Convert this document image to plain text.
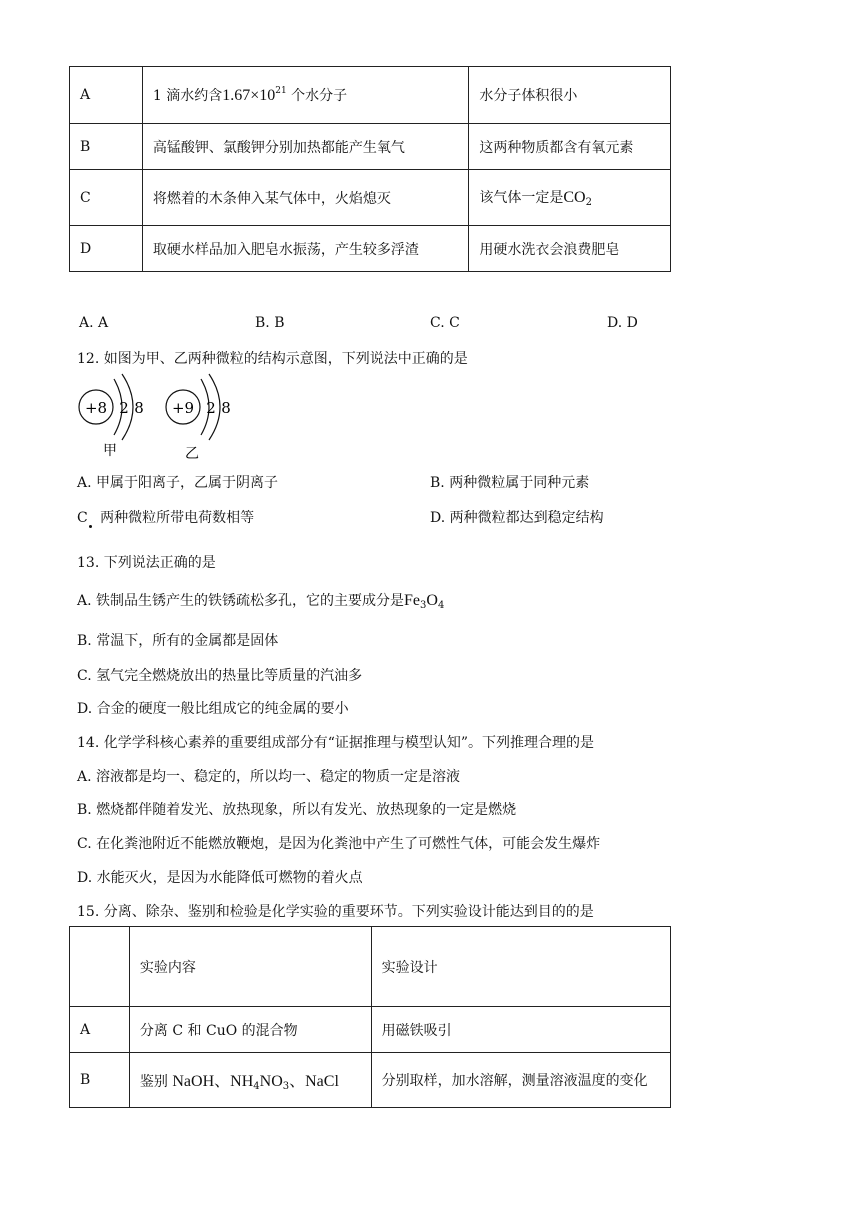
A	1 滴水约含$1.67\times 10^{21}$ 个水分子	水分子体积很小
B	高锰酸钾、氯酸钾分别加热都能产生氧气	这两种物质都含有氧元素
C	将燃着的木条伸入某气体中，火焰熄灭	该气体一定是$CO_2$
D	取硬水样品加入肥皂水振荡，产生较多浮渣	用硬水洗衣会浪费肥皂
A. A	B. B	C. C	D. D
12. 如图为甲、乙两种微粒的结构示意图，下列说法中正确的是
+8 2 8
甲
+9 2 8
乙
A. 甲属于阳离子，乙属于阴离子	B. 两种微粒属于同种元素
C 两种微粒所带电荷数相等	D. 两种微粒都达到稳定结构
13. 下列说法正确的是
A. 铁制品生锈产生的铁锈疏松多孔，它的主要成分是$Fe_3O_4$
B. 常温下，所有的金属都是固体
C. 氢气完全燃烧放出的热量比等质量的汽油多
D. 合金的硬度一般比组成它的纯金属的要小
14. 化学学科核心素养的重要组成部分有“证据推理与模型认知”。下列推理合理的是
A. 溶液都是均一、稳定的，所以均一、稳定的物质一定是溶液
B. 燃烧都伴随着发光、放热现象，所以有发光、放热现象的一定是燃烧
C. 在化粪池附近不能燃放鞭炮，是因为化粪池中产生了可燃性气体，可能会发生爆炸
D. 水能灭火，是因为水能降低可燃物的着火点
15. 分离、除杂、鉴别和检验是化学实验的重要环节。下列实验设计能达到目的的是
	实验内容	实验设计
A	分离 C 和 CuO 的混合物	用磁铁吸引
B	鉴别 NaOH、$NH_4NO_3$、NaCl	分别取样，加水溶解，测量溶液温度的变化
